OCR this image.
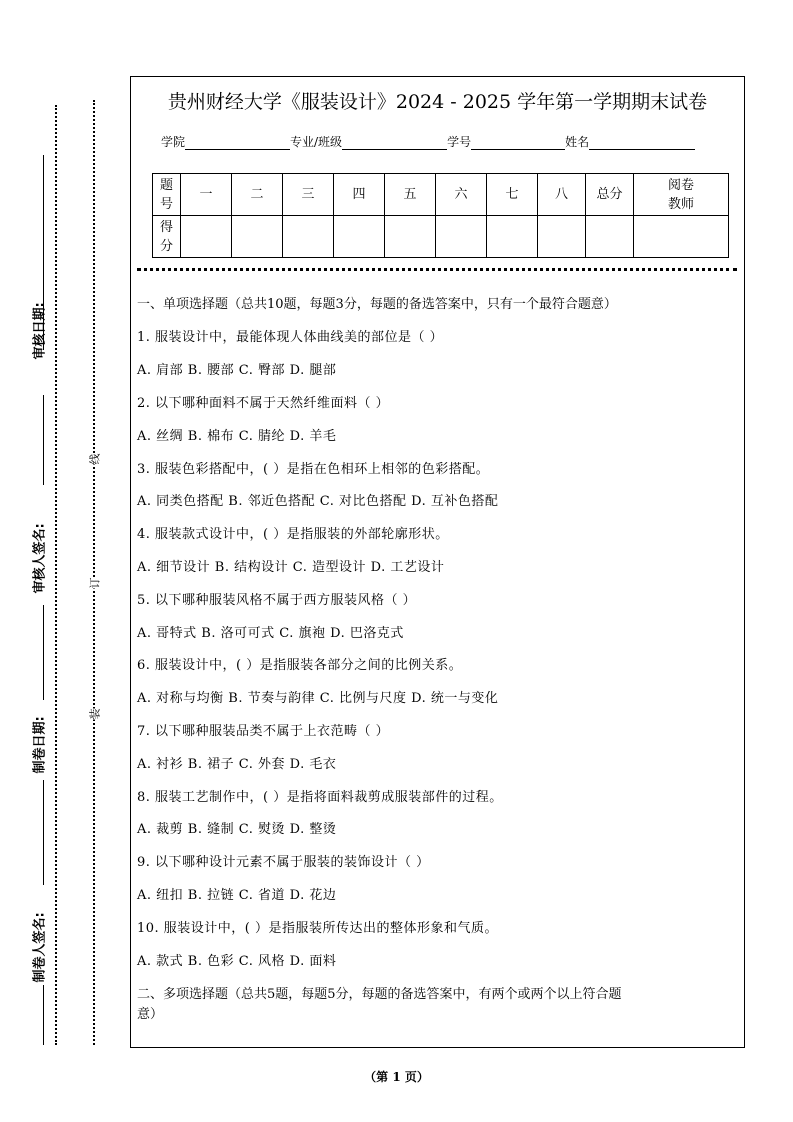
审核日期:
审核人签名:
制卷日期:
制卷人签名:
线
订
装
贵州财经大学《服装设计》2024 - 2025 学年第一学期期末试卷
学院	专业/班级	学号	姓名
题号	一	二	三	四	五	六	七	八	总分	阅卷教师
得分										
一、单项选择题（总共10题，每题3分，每题的备选答案中，只有一个最符合题意）
1. 服装设计中，最能体现人体曲线美的部位是（ ）
A. 肩部 B. 腰部 C. 臀部 D. 腿部
2. 以下哪种面料不属于天然纤维面料（ ）
A. 丝绸 B. 棉布 C. 腈纶 D. 羊毛
3. 服装色彩搭配中，( ）是指在色相环上相邻的色彩搭配。
A. 同类色搭配 B. 邻近色搭配 C. 对比色搭配 D. 互补色搭配
4. 服装款式设计中，( ）是指服装的外部轮廓形状。
A. 细节设计 B. 结构设计 C. 造型设计 D. 工艺设计
5. 以下哪种服装风格不属于西方服装风格（ ）
A. 哥特式 B. 洛可可式 C. 旗袍 D. 巴洛克式
6. 服装设计中，( ）是指服装各部分之间的比例关系。
A. 对称与均衡 B. 节奏与韵律 C. 比例与尺度 D. 统一与变化
7. 以下哪种服装品类不属于上衣范畴（ ）
A. 衬衫 B. 裙子 C. 外套 D. 毛衣
8. 服装工艺制作中，( ）是指将面料裁剪成服装部件的过程。
A. 裁剪 B. 缝制 C. 熨烫 D. 整烫
9. 以下哪种设计元素不属于服装的装饰设计（ ）
A. 纽扣 B. 拉链 C. 省道 D. 花边
10. 服装设计中，( ）是指服装所传达出的整体形象和气质。
A. 款式 B. 色彩 C. 风格 D. 面料
二、多项选择题（总共5题，每题5分，每题的备选答案中，有两个或两个以上符合题
意）
（第 1 页）
